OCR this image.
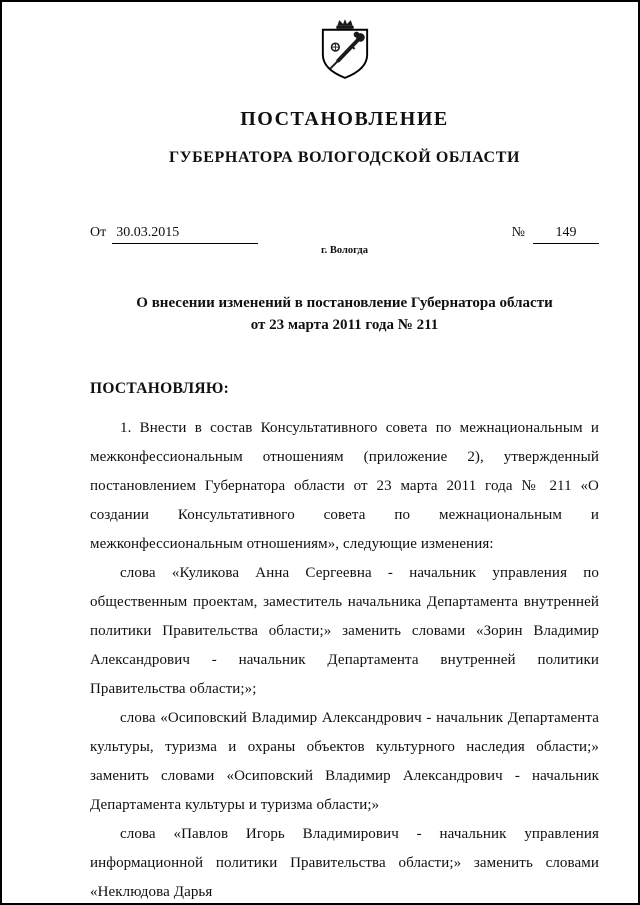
ПОСТАНОВЛЕНИЕ
ГУБЕРНАТОРА ВОЛОГОДСКОЙ ОБЛАСТИ
От 30.03.2015	№ 149
г. Вологда
О внесении изменений в постановление Губернатора области
от 23 марта 2011 года № 211
ПОСТАНОВЛЯЮ:

1. Внести в состав Консультативного совета по межнациональным и межконфессиональным отношениям (приложение 2), утвержденный постановлением Губернатора области от 23 марта 2011 года № 211 «О создании Консультативного совета по межнациональным и межконфессиональным отношениям», следующие изменения:

слова «Куликова Анна Сергеевна - начальник управления по общественным проектам, заместитель начальника Департамента внутренней политики Правительства области;» заменить словами «Зорин Владимир Александрович - начальник Департамента внутренней политики Правительства области;»;

слова «Осиповский Владимир Александрович - начальник Департамента культуры, туризма и охраны объектов культурного наследия области;» заменить словами «Осиповский Владимир Александрович - начальник Департамента культуры и туризма области;»

слова «Павлов Игорь Владимирович - начальник управления информационной политики Правительства области;» заменить словами «Неклюдова Дарья
